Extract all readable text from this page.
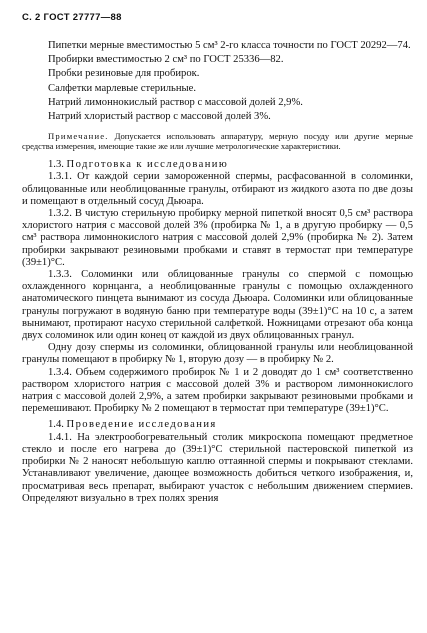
С. 2 ГОСТ 27777—88

Пипетки мерные вместимостью 5 см³ 2-го класса точности по ГОСТ 20292—74.

Пробирки вместимостью 2 см³ по ГОСТ 25336—82.

Пробки резиновые для пробирок.

Салфетки марлевые стерильные.

Натрий лимоннокислый раствор с массовой долей 2,9%.

Натрий хлористый раствор с массовой долей 3%.

Примечание. Допускается использовать аппаратуру, мерную посуду или другие мерные средства измерения, имеющие такие же или лучшие метрологические характеристики.

1.3. Подготовка к исследованию

1.3.1. От каждой серии замороженной спермы, расфасованной в соломинки, облицованные или необлицованные гранулы, отбирают из жидкого азота по две дозы и помещают в отдельный сосуд Дьюара.

1.3.2. В чистую стерильную пробирку мерной пипеткой вносят 0,5 см³ раствора хлористого натрия с массовой долей 3% (пробирка № 1, а в другую пробирку — 0,5 см³ раствора лимоннокислого натрия с массовой долей 2,9% (пробирка № 2). Затем пробирки закрывают резиновыми пробками и ставят в термостат при температуре (39±1)°С.

1.3.3. Соломинки или облицованные гранулы со спермой с помощью охлажденного корнцанга, а необлицованные гранулы с помощью охлажденного анатомического пинцета вынимают из сосуда Дьюара. Соломинки или облицованные гранулы погружают в водяную баню при температуре воды (39±1)°С на 10 с, а затем вынимают, протирают насухо стерильной салфеткой. Ножницами отрезают оба конца двух соломинок или один конец от каждой из двух облицованных гранул.

Одну дозу спермы из соломинки, облицованной гранулы или необлицованной гранулы помещают в пробирку № 1, вторую дозу — в пробирку № 2.

1.3.4. Объем содержимого пробирок № 1 и 2 доводят до 1 см³ соответственно раствором хлористого натрия с массовой долей 3% и раствором лимоннокислого натрия с массовой долей 2,9%, а затем пробирки закрывают резиновыми пробками и перемешивают. Пробирку № 2 помещают в термостат при температуре (39±1)°С.

1.4. Проведение исследования

1.4.1. На электрообогревательный столик микроскопа помещают предметное стекло и после его нагрева до (39±1)°С стерильной пастеровской пипеткой из пробирки № 2 наносят небольшую каплю оттаянной спермы и покрывают стеклами. Устанавливают увеличение, дающее возможность добиться четкого изображения, и, просматривая весь препарат, выбирают участок с небольшим движением спермиев. Определяют визуально в трех полях зрения
